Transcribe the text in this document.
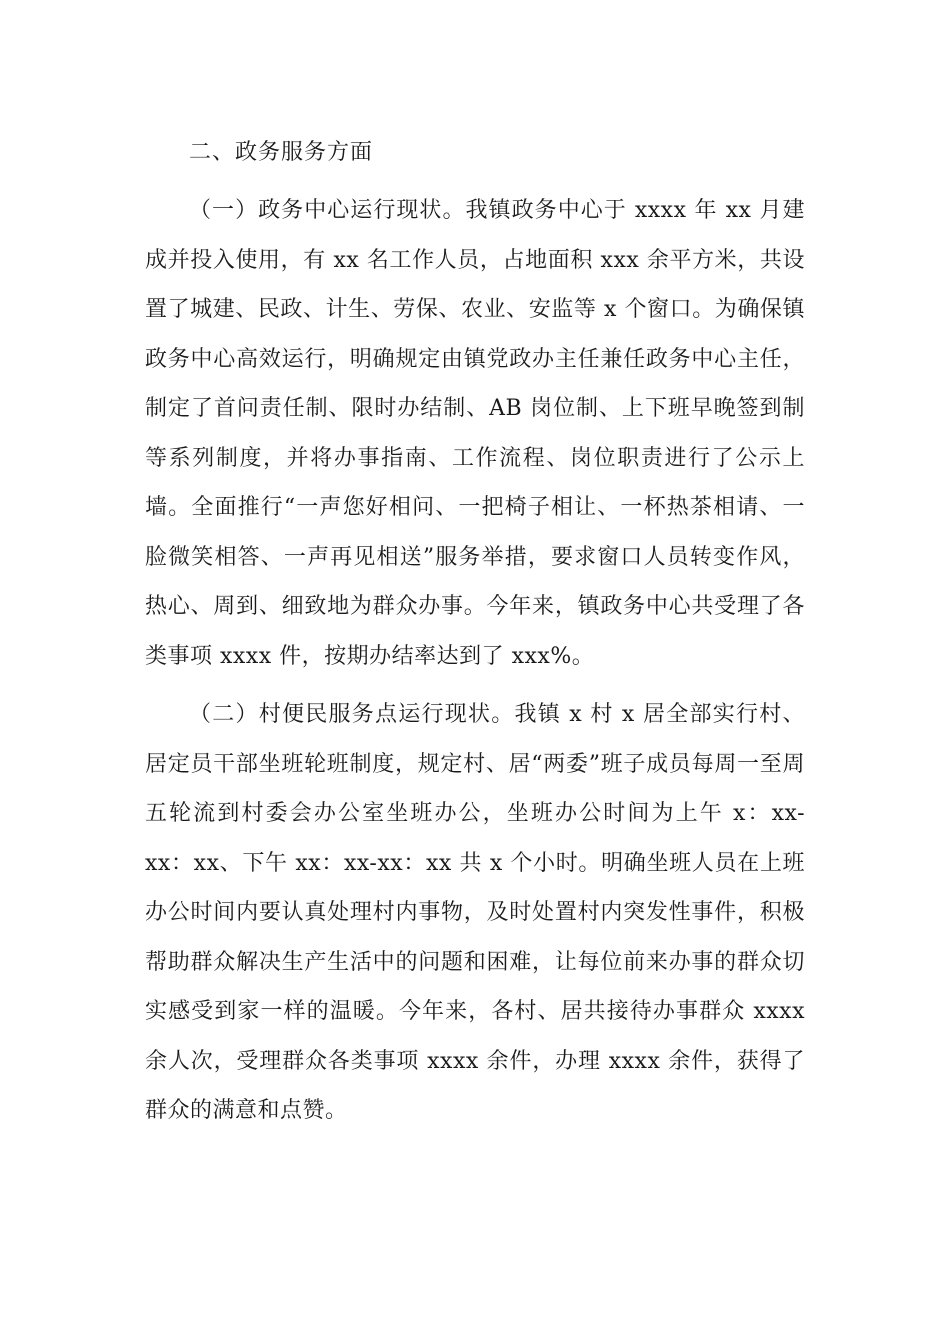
二、政务服务方面

（一）政务中心运行现状。我镇政务中心于 xxxx 年 xx 月建成并投入使用，有 xx 名工作人员，占地面积 xxx 余平方米，共设置了城建、民政、计生、劳保、农业、安监等 x 个窗口。为确保镇政务中心高效运行，明确规定由镇党政办主任兼任政务中心主任，制定了首问责任制、限时办结制、AB 岗位制、上下班早晚签到制等系列制度，并将办事指南、工作流程、岗位职责进行了公示上墙。全面推行“一声您好相问、一把椅子相让、一杯热茶相请、一脸微笑相答、一声再见相送”服务举措，要求窗口人员转变作风，热心、周到、细致地为群众办事。今年来，镇政务中心共受理了各类事项 xxxx 件，按期办结率达到了 xxx%。

（二）村便民服务点运行现状。我镇 x 村 x 居全部实行村、居定员干部坐班轮班制度，规定村、居“两委”班子成员每周一至周五轮流到村委会办公室坐班办公，坐班办公时间为上午 x：xx-xx：xx、下午 xx：xx-xx：xx 共 x 个小时。明确坐班人员在上班办公时间内要认真处理村内事物，及时处置村内突发性事件，积极帮助群众解决生产生活中的问题和困难，让每位前来办事的群众切实感受到家一样的温暖。今年来，各村、居共接待办事群众 xxxx 余人次，受理群众各类事项 xxxx 余件，办理 xxxx 余件，获得了群众的满意和点赞。
